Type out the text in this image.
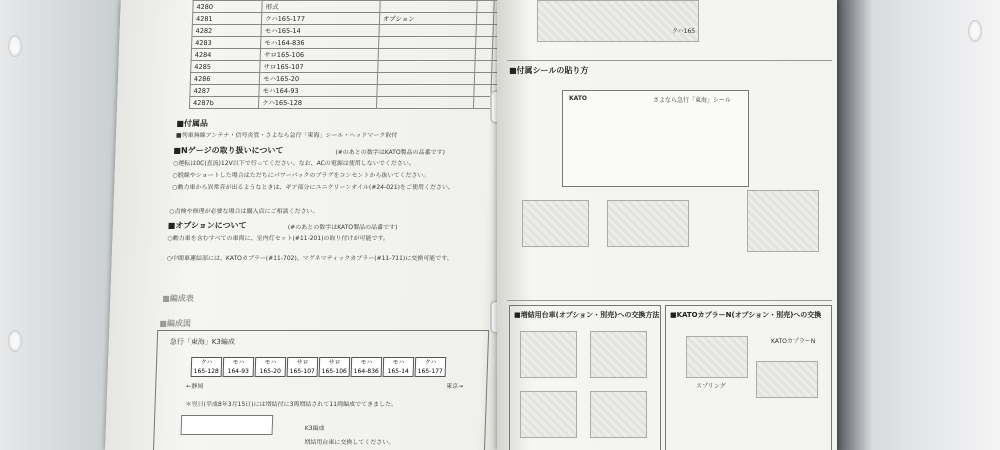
4280	形式			
4281	クハ165-177	オプション		
4282	モハ165-14			
4283	モハ164-836			
4284	サロ165-106			
4285	サロ165-107			
4286	モハ165-20			
4287	モハ164-93			
4287b	クハ165-128			
■付属品
■列車無線アンテナ・信号炎管・さよなら急行「東海」シール・ヘッドマーク取付
■Nゲージの取り扱いについて	(#のあとの数字はKATO製品の品番です)
○運転は0C(直流)12V以下で行ってください。なお、ACの電源は使用しないでください。
○脱線やショートした場合はただちにパワーパックのプラグをコンセントから抜いてください。
○動力車から異常音が出るようなときは、ギア部分にユニクリーンオイル(#24-021)をご使用ください。
○点検や修理が必要な場合は購入店にご相談ください。
■オプションについて	(#のあとの数字はKATO製品の品番です)
○動力車を含むすべての車両に、室内灯セット(#11-201)の取り付けが可能です。
○中間車連結部には、KATOカプラー(#11-702)、マグネマティックカプラー(#11-711)に交換可能です。
■編成表
■編成図
急行「東海」K3編成
クハ
165-128モハ
164-93モハ
165-20サロ
165-107サロ
165-106モハ
164-836モハ
165-14クハ
165-177
←静岡	東京→
＊翌日(平成8年3月15日)には増結付に3両増結されて11両編成でてきました。
K3編成
増結用台車に交換してください。
クハ165
■付属シールの貼り方
KATO	さよなら急行「東海」シール
■増結用台車(オプション・別売)への交換方法 ■KATOカプラーN(オプション・別売)への交換
KATOカプラーN
スプリング
